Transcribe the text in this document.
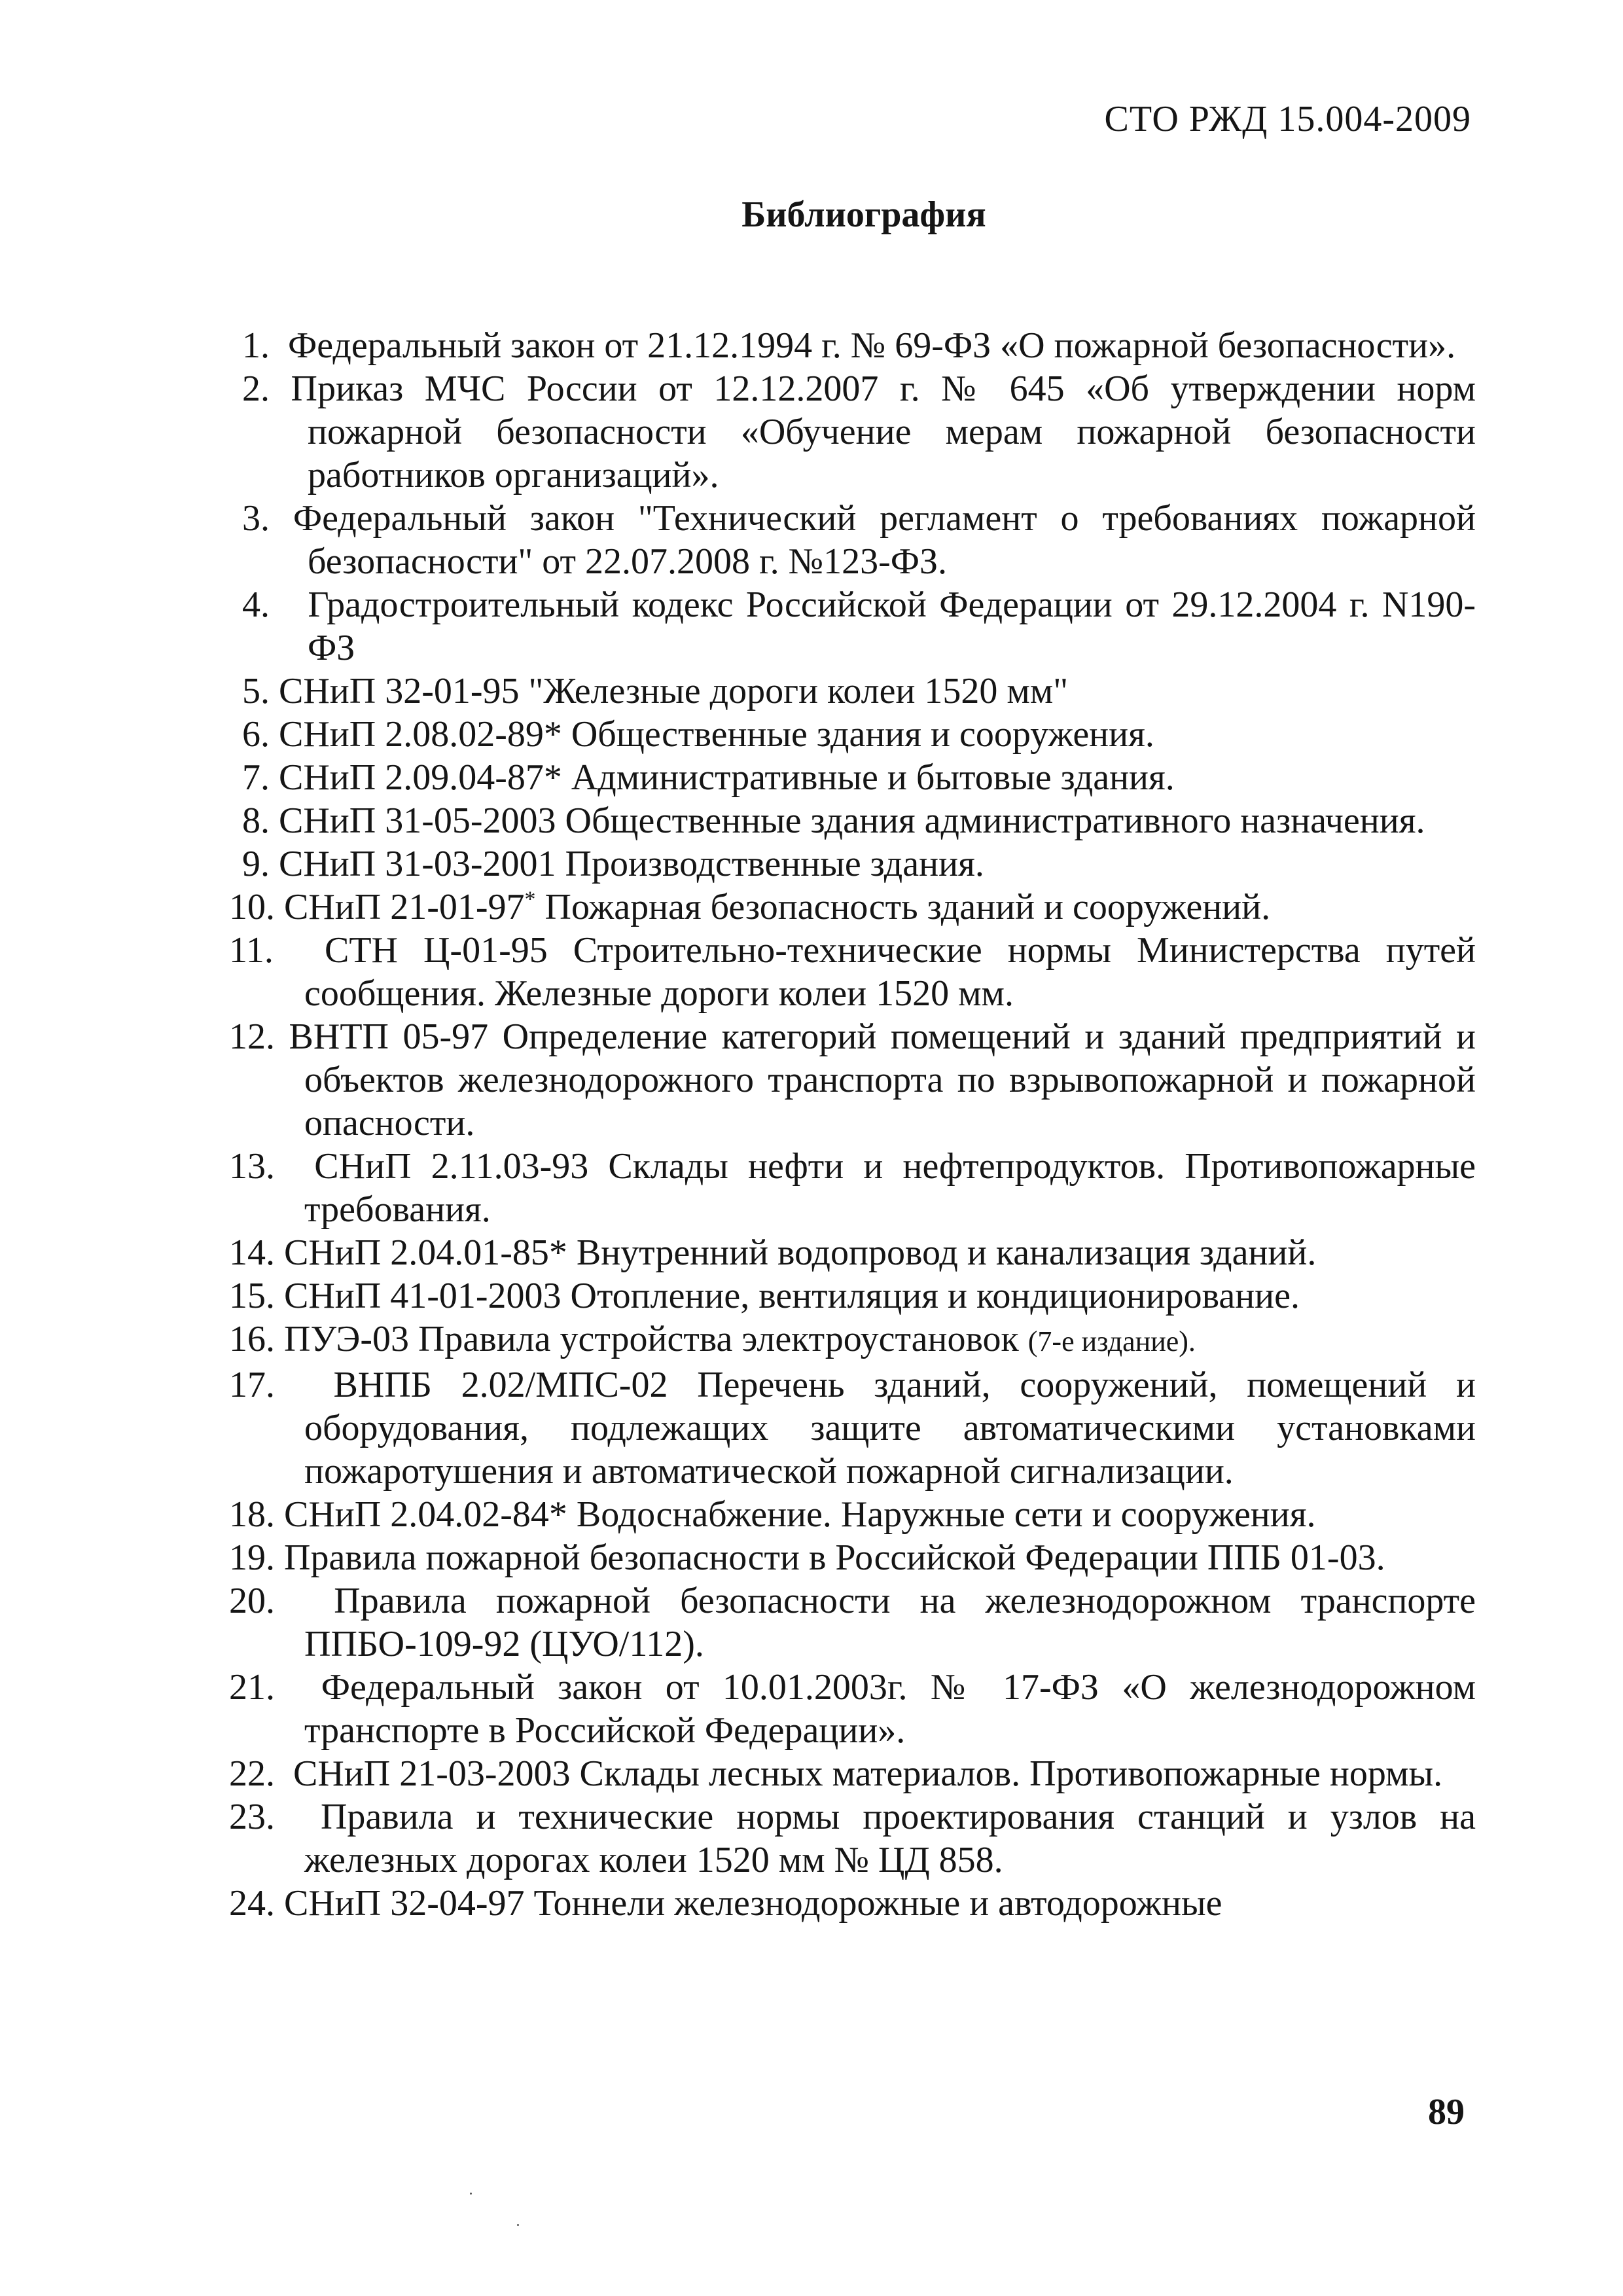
СТО РЖД 15.004-2009
Библиография
1. Федеральный закон от 21.12.1994 г. № 69-ФЗ «О пожарной безопасности».
2. Приказ МЧС России от 12.12.2007 г. № 645 «Об утверждении норм пожарной безопасности «Обучение мерам пожарной безопасности работников организаций».
3. Федеральный закон "Технический регламент о требованиях пожарной безопасности" от 22.07.2008 г. №123-ФЗ.
4. Градостроительный кодекс Российской Федерации от 29.12.2004 г. N190-ФЗ
5. СНиП 32-01-95 "Железные дороги колеи 1520 мм"
6. СНиП 2.08.02-89* Общественные здания и сооружения.
7. СНиП 2.09.04-87* Административные и бытовые здания.
8. СНиП 31-05-2003 Общественные здания административного назначения.
9. СНиП 31-03-2001 Производственные здания.
10. СНиП 21-01-97* Пожарная безопасность зданий и сооружений.
11. СТН Ц-01-95 Строительно-технические нормы Министерства путей сообщения. Железные дороги колеи 1520 мм.
12. ВНТП 05-97 Определение категорий помещений и зданий предприятий и объектов железнодорожного транспорта по взрывопожарной и пожарной опасности.
13. СНиП 2.11.03-93 Склады нефти и нефтепродуктов. Противопожарные требования.
14. СНиП 2.04.01-85* Внутренний водопровод и канализация зданий.
15. СНиП 41-01-2003 Отопление, вентиляция и кондиционирование.
16. ПУЭ-03 Правила устройства электроустановок (7-е издание).
17. ВНПБ 2.02/МПС-02 Перечень зданий, сооружений, помещений и оборудования, подлежащих защите автоматическими установками пожаротушения и автоматической пожарной сигнализации.
18. СНиП 2.04.02-84* Водоснабжение. Наружные сети и сооружения.
19. Правила пожарной безопасности в Российской Федерации ППБ 01-03.
20. Правила пожарной безопасности на железнодорожном транспорте ППБО-109-92 (ЦУО/112).
21. Федеральный закон от 10.01.2003г. № 17-ФЗ «О железнодорожном транспорте в Российской Федерации».
22. СНиП 21-03-2003 Склады лесных материалов. Противопожарные нормы.
23. Правила и технические нормы проектирования станций и узлов на железных дорогах колеи 1520 мм № ЦД 858.
24. СНиП 32-04-97 Тоннели железнодорожные и автодорожные
89
